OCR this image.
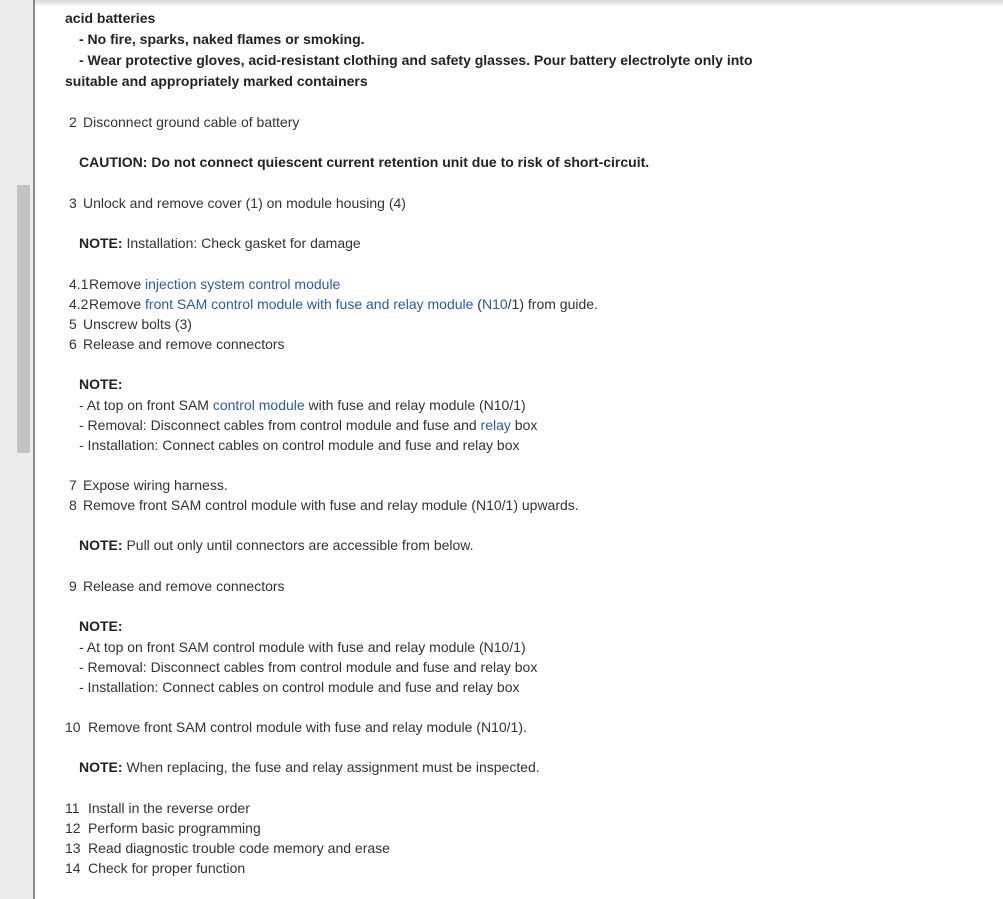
acid batteries
- No fire, sparks, naked flames or smoking.
- Wear protective gloves, acid-resistant clothing and safety glasses. Pour battery electrolyte only into
suitable and appropriately marked containers
2 Disconnect ground cable of battery
CAUTION: Do not connect quiescent current retention unit due to risk of short-circuit.
3 Unlock and remove cover (1) on module housing (4)
NOTE: Installation: Check gasket for damage
4.1 Remove injection system control module
4.2 Remove front SAM control module with fuse and relay module (N10/1) from guide.
5 Unscrew bolts (3)
6 Release and remove connectors
NOTE:
- At top on front SAM control module with fuse and relay module (N10/1)
- Removal: Disconnect cables from control module and fuse and relay box
- Installation: Connect cables on control module and fuse and relay box
7 Expose wiring harness.
8 Remove front SAM control module with fuse and relay module (N10/1) upwards.
NOTE: Pull out only until connectors are accessible from below.
9 Release and remove connectors
NOTE:
- At top on front SAM control module with fuse and relay module (N10/1)
- Removal: Disconnect cables from control module and fuse and relay box
- Installation: Connect cables on control module and fuse and relay box
10 Remove front SAM control module with fuse and relay module (N10/1).
NOTE: When replacing, the fuse and relay assignment must be inspected.
11 Install in the reverse order
12 Perform basic programming
13 Read diagnostic trouble code memory and erase
14 Check for proper function
